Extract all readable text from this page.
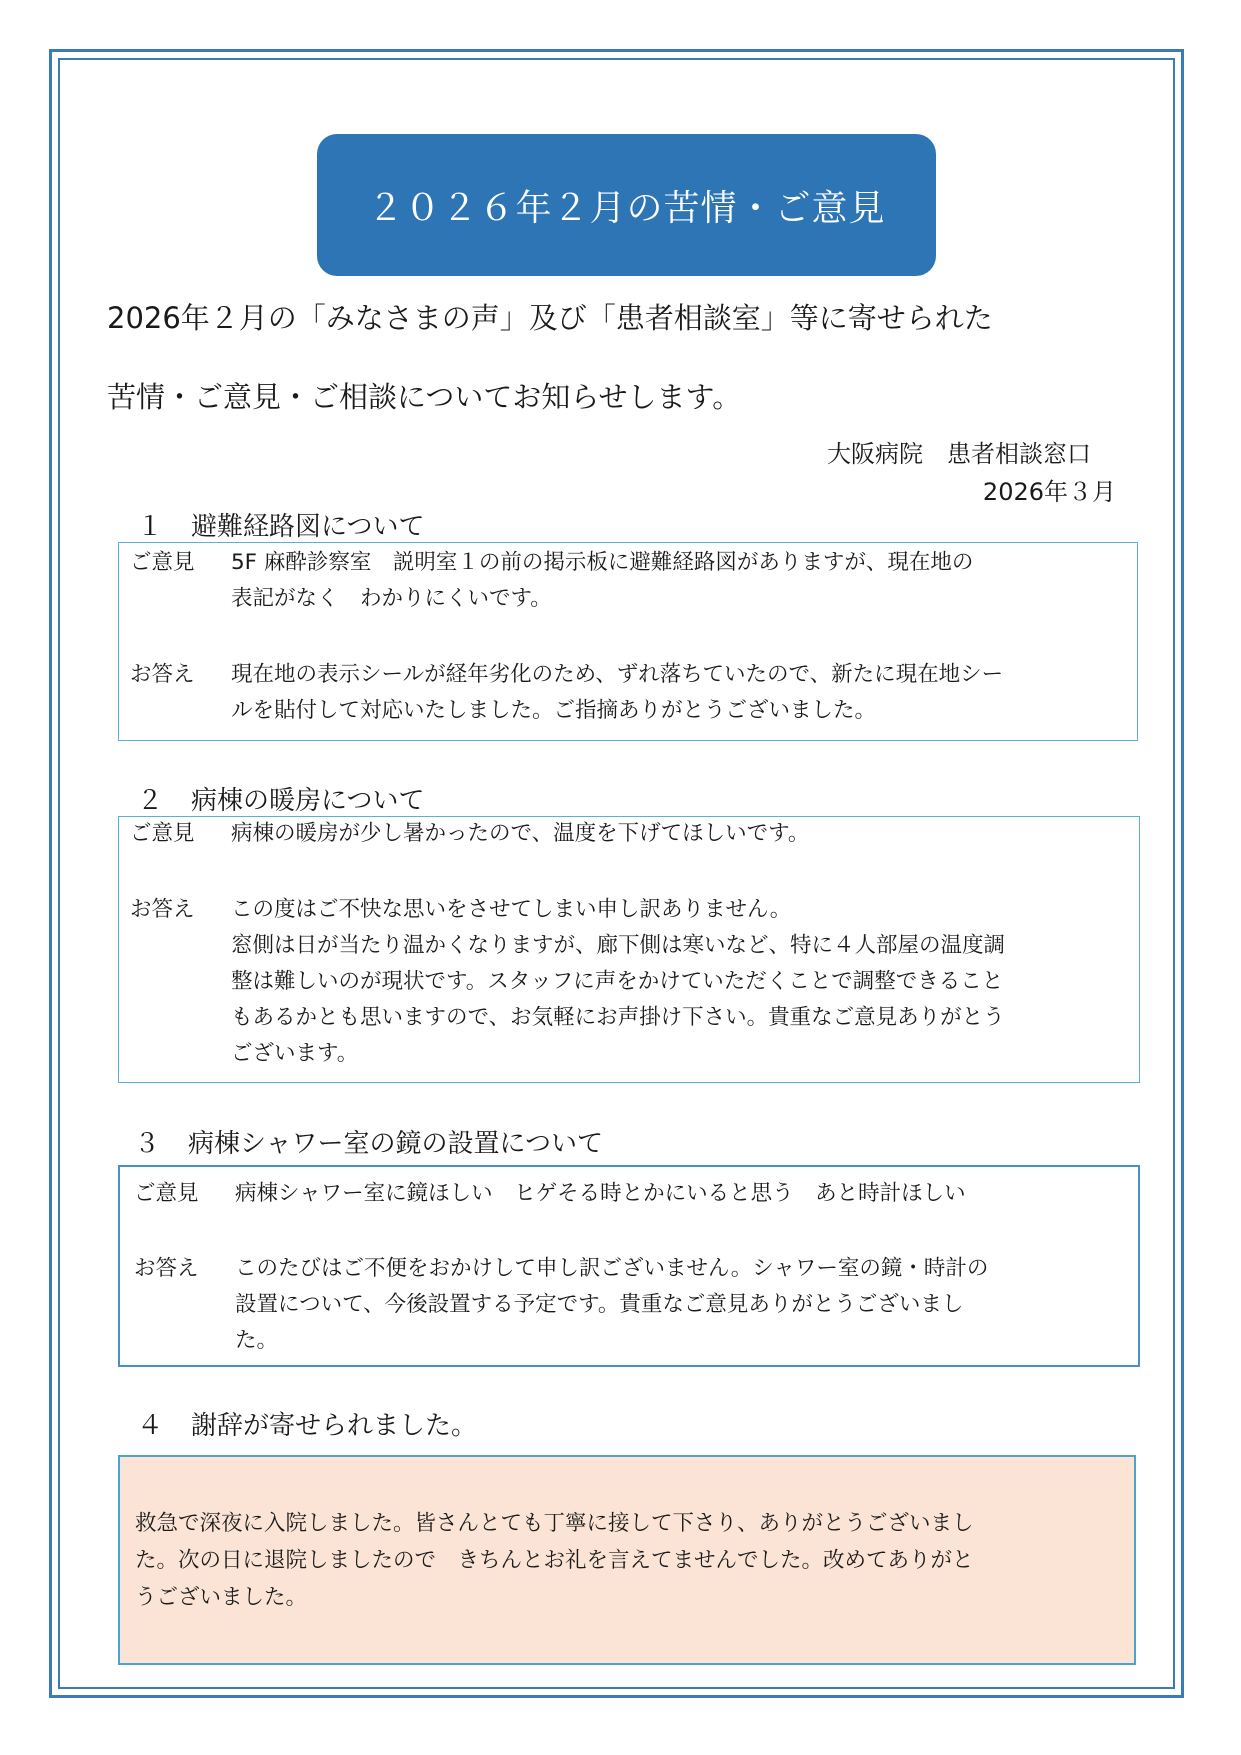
２０２６年２月の苦情・ご意見
2026年２月の「みなさまの声」及び「患者相談室」等に寄せられた
苦情・ご意見・ご相談についてお知らせします。
大阪病院　患者相談窓口
2026年３月
１ 避難経路図について
ご意見 5F 麻酔診察室　説明室１の前の掲示板に避難経路図がありますが、現在地の
表記がなく　わかりにくいです。
お答え 現在地の表示シールが経年劣化のため、ずれ落ちていたので、新たに現在地シー
ルを貼付して対応いたしました。ご指摘ありがとうございました。
２ 病棟の暖房について
ご意見 病棟の暖房が少し暑かったので、温度を下げてほしいです。
お答え この度はご不快な思いをさせてしまい申し訳ありません。
窓側は日が当たり温かくなりますが、廊下側は寒いなど、特に４人部屋の温度調
整は難しいのが現状です。スタッフに声をかけていただくことで調整できること
もあるかとも思いますので、お気軽にお声掛け下さい。貴重なご意見ありがとう
ございます。
３ 病棟シャワー室の鏡の設置について
ご意見 病棟シャワー室に鏡ほしい　ヒゲそる時とかにいると思う　あと時計ほしい
お答え このたびはご不便をおかけして申し訳ございません。シャワー室の鏡・時計の
設置について、今後設置する予定です。貴重なご意見ありがとうございまし
た。
４ 謝辞が寄せられました。
救急で深夜に入院しました。皆さんとても丁寧に接して下さり、ありがとうございまし
た。次の日に退院しましたので　きちんとお礼を言えてませんでした。改めてありがと
うございました。
